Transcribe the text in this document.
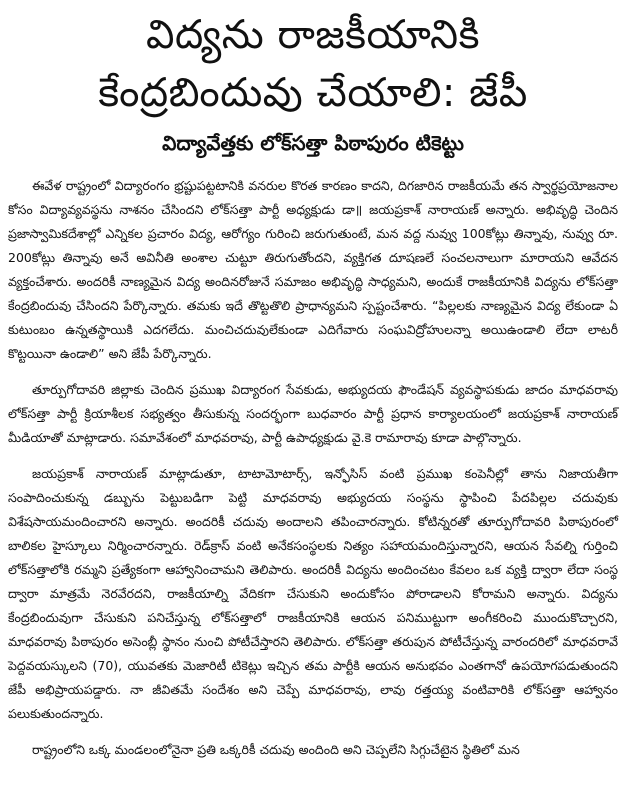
విద్యను రాజకీయానికి
కేంద్రబిందువు చేయాలి: జేపీ
విద్యావేత్తకు లోక్‌సత్తా పిఠాపురం టికెట్టు

ఈవేళ రాష్ట్రంలో విద్యారంగం భ్రష్టుపట్టటానికి వనరుల కొరత కారణం కాదని, దిగజారిన రాజకీయమే తన స్వార్థప్రయోజనాల కోసం విద్యావ్యవస్థను నాశనం చేసిందని లోక్‌సత్తా పార్టీ అధ్యక్షుడు డా॥ జయప్రకాశ్ నారాయణ్ అన్నారు. అభివృద్ధి చెందిన ప్రజాస్వామికదేశాల్లో ఎన్నికల ప్రచారం విద్య, ఆరోగ్యం గురించి జరుగుతుంటే, మన వద్ద నువ్వు 100కోట్లు తిన్నావు, నువ్వు రూ. 200కోట్లు తిన్నావు అనే అవినీతి అంశాల చుట్టూ తిరుగుతోందని, వ్యక్తిగత దూషణలే సంచలనాలుగా మారాయని ఆవేదన వ్యక్తంచేశారు. అందరికీ నాణ్యమైన విద్య అందినరోజునే సమాజం అభివృద్ధి సాధ్యమని, అందుకే రాజకీయానికి విద్యను లోక్‌సత్తా కేంద్రబిందువు చేసిందని పేర్కొన్నారు. తమకు ఇదే తొట్టతొలి ప్రాధాన్యమని స్పష్టంచేశారు. “పిల్లలకు నాణ్యమైన విద్య లేకుండా ఏ కుటుంబం ఉన్నతస్థాయికి ఎదగలేదు. మంచిచదువులేకుండా ఎదిగేవారు సంఘవిద్రోహులన్నా అయిఉండాలి లేదా లాటరీ కొట్టయినా ఉండాలి” అని జేపీ పేర్కొన్నారు.

తూర్పుగోదావరి జిల్లాకు చెందిన ప్రముఖ విద్యారంగ సేవకుడు, అభ్యుదయ ఫౌండేషన్ వ్యవస్థాపకుడు జాదం మాధవరావు లోక్‌సత్తా పార్టీ క్రియాశీలక సభ్యత్వం తీసుకున్న సందర్భంగా బుధవారం పార్టీ ప్రధాన కార్యాలయంలో జయప్రకాశ్ నారాయణ్ మీడియాతో మాట్లాడారు. సమావేశంలో మాధవరావు, పార్టీ ఉపాధ్యక్షుడు వై.కె రామారావు కూడా పాల్గొన్నారు.

జయప్రకాశ్ నారాయణ్ మాట్లాడుతూ, టాటామోటార్స్, ఇన్ఫోసిస్ వంటి ప్రముఖ కంపెనీల్లో తాను నిజాయతీగా సంపాదించుకున్న డబ్బును పెట్టుబడిగా పెట్టి మాధవరావు అభ్యుదయ సంస్థను స్థాపించి పేదపిల్లల చదువుకు విశేషసాయమందించారని అన్నారు. అందరికీ చదువు అందాలని తపించారన్నారు. కోటిన్నరతో తూర్పుగోదావరి పిఠాపురంలో బాలికల హైస్కూలు నిర్మించారన్నారు. రెడ్‌క్రాస్ వంటి అనేకసంస్థలకు నిత్యం సహాయమందిస్తున్నారని, ఆయన సేవల్ని గుర్తించి లోక్‌సత్తాలోకి రమ్మని ప్రత్యేకంగా ఆహ్వానించామని తెలిపారు. అందరికీ విద్యను అందించటం కేవలం ఒక వ్యక్తి ద్వారా లేదా సంస్థ ద్వారా మాత్రమే నెరవేరదని, రాజకీయాల్ని వేదికగా చేసుకుని అందుకోసం పోరాడాలని కోరామని అన్నారు. విద్యను కేంద్రబిందువుగా చేసుకుని పనిచేస్తున్న లోక్‌సత్తాలో రాజకీయానికి ఆయన పనిముట్టుగా అంగీకరించి ముందుకొచ్చారని, మాధవరావు పిఠాపురం అసెంబ్లీ స్థానం నుంచి పోటీచేస్తారని తెలిపారు. లోక్‌సత్తా తరుపున పోటీచేస్తున్న వారందరిలో మాధవరావే పెద్దవయస్కులని (70), యువతకు మెజారిటీ టికెట్లు ఇచ్చిన తమ పార్టీకి ఆయన అనుభవం ఎంతగానో ఉపయోగపడుతుందని జేపీ అభిప్రాయపడ్డారు. నా జీవితమే సందేశం అని చెప్పే మాధవరావు, లావు రత్తయ్య వంటివారికి లోక్‌సత్తా ఆహ్వానం పలుకుతుందన్నారు.

రాష్ట్రంలోని ఒక్క మండలంలోనైనా ప్రతి ఒక్కరికీ చదువు అందింది అని చెప్పలేని సిగ్గుచేటైన స్థితిలో మన
